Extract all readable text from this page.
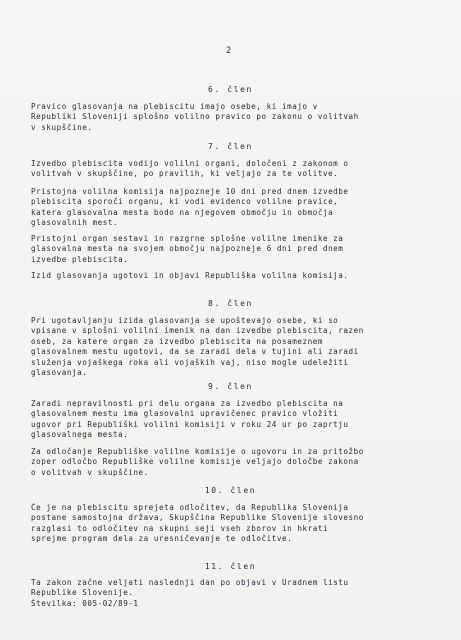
2
6. člen
Pravico glasovanja na plebiscitu imajo osebe, ki imajo v
Republiki Sloveniji splošno volilno pravico po zakonu o volitvah
v skupščine.
7. člen
Izvedbo plebiscita vodijo volilni organi, določeni z zakonom o
volitvah v skupščine, po pravilih, ki veljajo za te volitve.
Pristojna volilna komisija najpozneje 10 dni pred dnem izvedbe
plebiscita sporoči organu, ki vodi evidenco volilne pravice,
katera glasovalna mesta bodo na njegovem območju in območja
glasovalnih mest.
Pristojni organ sestavi in razgrne splošne volilne imenike za
glasovalna mesta na svojem območju najpozneje 6 dni pred dnem
izvedbe plebiscita.
Izid glasovanja ugotovi in objavi Republiška volilna komisija.
8. člen
Pri ugotavljanju izida glasovanja se upoštevajo osebe, ki so
vpisane v splošni volilni imenik na dan izvedbe plebiscita, razen
oseb, za katere organ za izvedbo plebiscita na posameznem
glasovalnem mestu ugotovi, da se zaradi dela v tujini ali zaradi
služenja vojaškega roka ali vojaških vaj, niso mogle udeležiti
glasovanja.
9. člen
Zaradi nepravilnosti pri delu organa za izvedbo plebiscita na
glasovalnem mestu ima glasovalni upravičenec pravico vložiti
ugovor pri Republiški volilni komisiji v roku 24 ur po zaprtju
glasovalnega mesta.
Za odločanje Republiške volilne komisije o ugovoru in za pritožbo
zoper odločbo Republiške volilne komisije veljajo določbe zakona
o volitvah v skupščine.
10. člen
Če je na plebiscitu sprejeta odločitev, da Republika Slovenija
postane samostojna država, Skupščina Republike Slovenije slovesno
razglasi to odločitev na skupni seji vseh zborov in hkrati
sprejme program dela za uresničevanje te odločitve.
11. člen
Ta zakon začne veljati naslednji dan po objavi v Uradnem listu
Republike Slovenije.
Številka: 005-02/89-1
